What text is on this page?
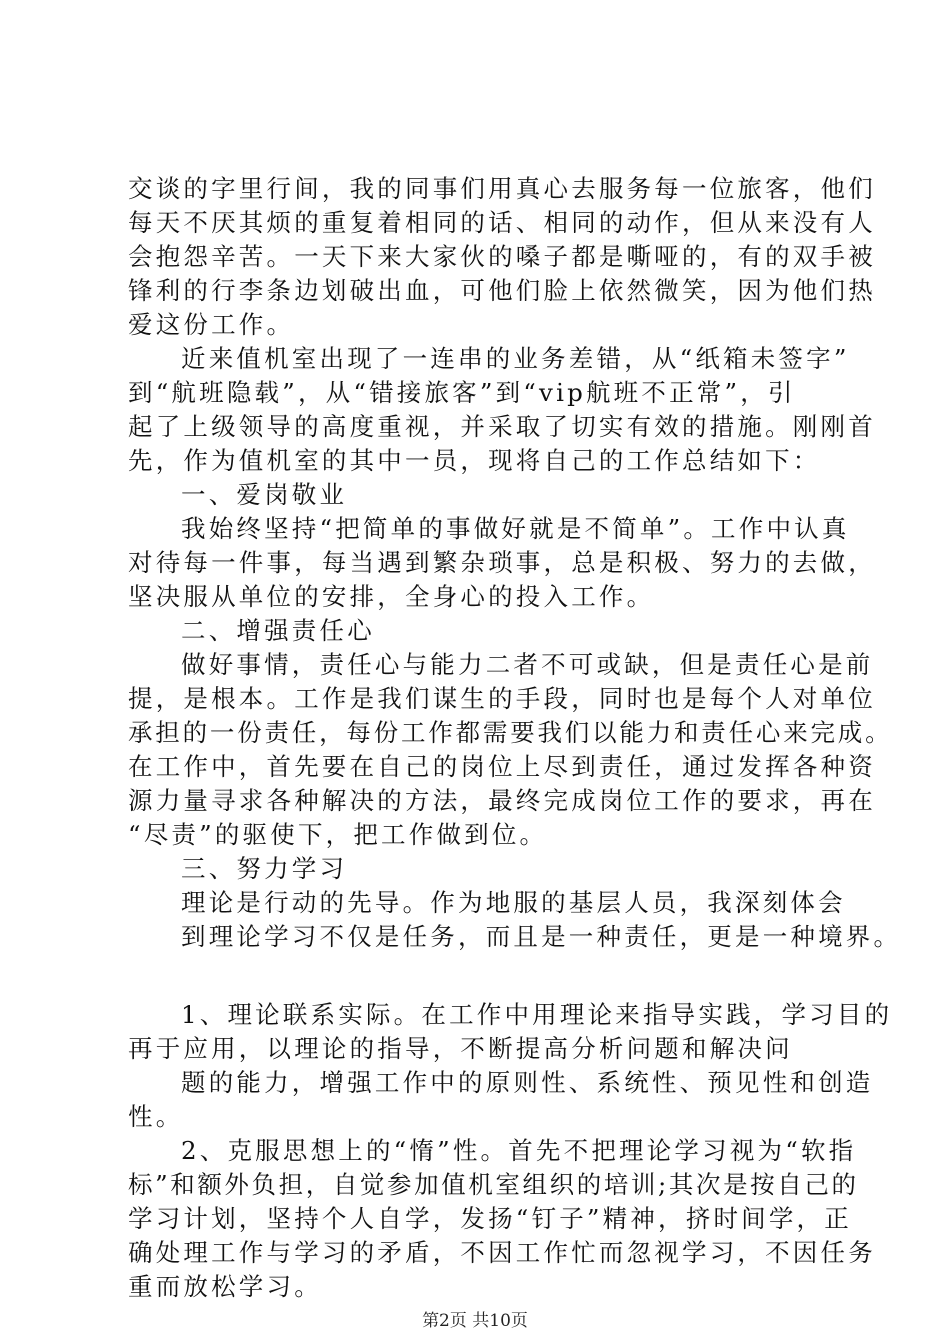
交谈的字里行间，我的同事们用真心去服务每一位旅客，他们
每天不厌其烦的重复着相同的话、相同的动作，但从来没有人
会抱怨辛苦。一天下来大家伙的嗓子都是嘶哑的，有的双手被
锋利的行李条边划破出血，可他们脸上依然微笑，因为他们热
爱这份工作。
近来值机室出现了一连串的业务差错，从“纸箱未签字”
到“航班隐载”，从“错接旅客”到“vip航班不正常”，引
起了上级领导的高度重视，并采取了切实有效的措施。刚刚首
先，作为值机室的其中一员，现将自己的工作总结如下：
一、爱岗敬业
我始终坚持“把简单的事做好就是不简单”。工作中认真
对待每一件事，每当遇到繁杂琐事，总是积极、努力的去做，
坚决服从单位的安排，全身心的投入工作。
二、增强责任心
做好事情，责任心与能力二者不可或缺，但是责任心是前
提，是根本。工作是我们谋生的手段，同时也是每个人对单位
承担的一份责任，每份工作都需要我们以能力和责任心来完成。
在工作中，首先要在自己的岗位上尽到责任，通过发挥各种资
源力量寻求各种解决的方法，最终完成岗位工作的要求，再在
“尽责”的驱使下，把工作做到位。
三、努力学习
理论是行动的先导。作为地服的基层人员，我深刻体会
到理论学习不仅是任务，而且是一种责任，更是一种境界。
1、理论联系实际。在工作中用理论来指导实践，学习目的
再于应用，以理论的指导，不断提高分析问题和解决问
题的能力，增强工作中的原则性、系统性、预见性和创造
性。
2、克服思想上的“惰”性。首先不把理论学习视为“软指
标”和额外负担，自觉参加值机室组织的培训;其次是按自己的
学习计划，坚持个人自学，发扬“钉子”精神，挤时间学，正
确处理工作与学习的矛盾，不因工作忙而忽视学习，不因任务
重而放松学习。
第2页 共10页
